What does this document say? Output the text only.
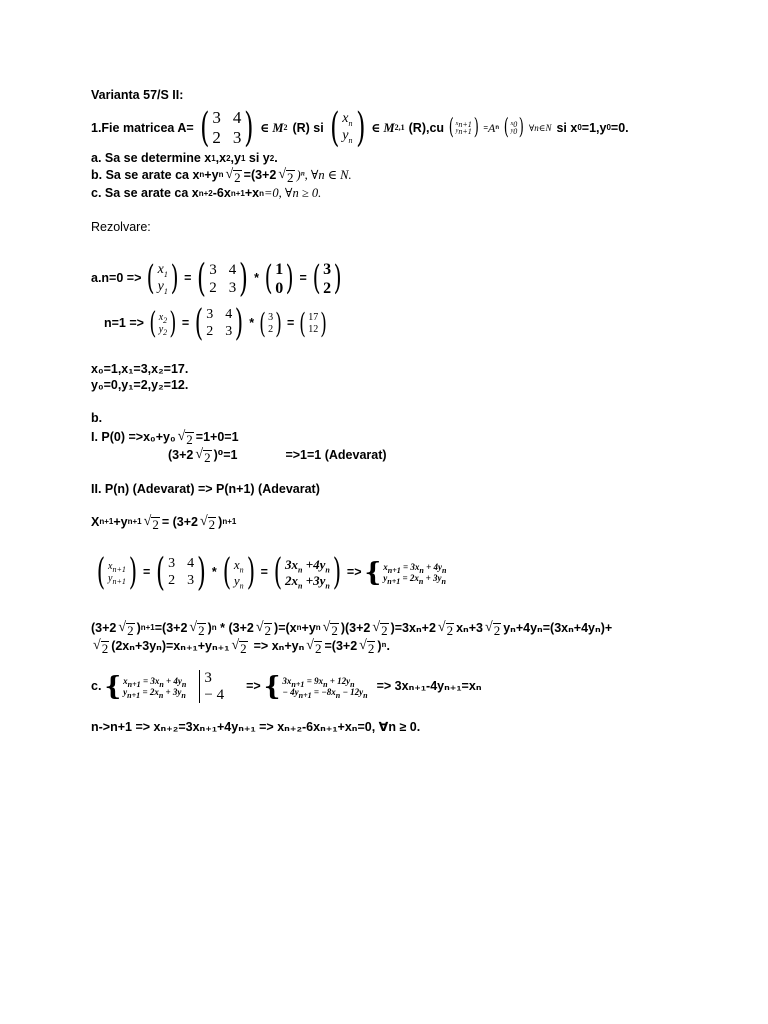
Varianta 57/S II:
1.Fie matricea A= ( 3 4
2 3 ) ∈ M 2 (R) si ( $x_n$
$y_n$ ) ∈ M 2,1 (R),cu ( $x_{n+1}$
$y_{n+1}$ ) = A n ( $x_0$
$y_0$ ) ∀n∈N si x 0 =1,y 0 =0.
a. Sa se determine x 1 ,x 2 ,y 1 si y 2 .
b. Sa se arate ca x n +y n √ 2 =(3+2 √ 2 )ⁿ, ∀n ∈ N.
c. Sa se arate ca x n+2 -6x n+1 +x n =0, ∀n ≥ 0.
Rezolvare:
a.n=0 => ( $x_1$
$y_1$ ) = ( 3 4
2 3 ) * ( 1
0 ) = ( 3
2 )
n=1 => ( $x_2$
$y_2$ ) = ( 3 4
2 3 ) * ( 3
2 ) = ( 17
12 )
x₀=1,x₁=3,x₂=17.
y₀=0,y₁=2,y₂=12.
b.
I. P(0) =>x₀+y₀ √ 2 =1+0=1
(3+2 √ 2 )⁰=1	=>1=1 (Adevarat)
II. P(n) (Adevarat) => P(n+1) (Adevarat)
X n+1 +y n+1 √ 2 = (3+2 √ 2 ) n+1
( $x_{n+1}$
$y_{n+1}$ ) = ( 3 4
2 3 ) * ( $x_n$
$y_n$ ) = ( $3x_n +4y_n$
$2x_n +3y_n$ ) => { $x_{n+1} = 3x_n + 4y_n$
$y_{n+1} = 2x_n + 3y_n$
(3+2 √ 2 ) n+1 =(3+2 √ 2 ) n * (3+2 √ 2 )=(x n +y n √ 2 )(3+2 √ 2 ) =3xₙ+2 √ 2 xₙ+3 √ 2 yₙ+4yₙ=(3xₙ+4yₙ)+
√ 2 (2xₙ+3yₙ)=xₙ₊₁+yₙ₊₁ √ 2 => xₙ+yₙ √ 2 =(3+2 √ 2 )ⁿ.
c. { $x_{n+1} = 3x_n + 4y_n$
$y_{n+1} = 2x_n + 3y_n$
3
− 4
=> { $3x_{n+1} = 9x_n + 12y_n$
− $4y_{n+1} = -8x_n - 12y_n$
=> 3xₙ₊₁-4yₙ₊₁=xₙ
n->n+1 => xₙ₊₂=3xₙ₊₁+4yₙ₊₁ => xₙ₊₂-6xₙ₊₁+xₙ=0, ∀n ≥ 0.
